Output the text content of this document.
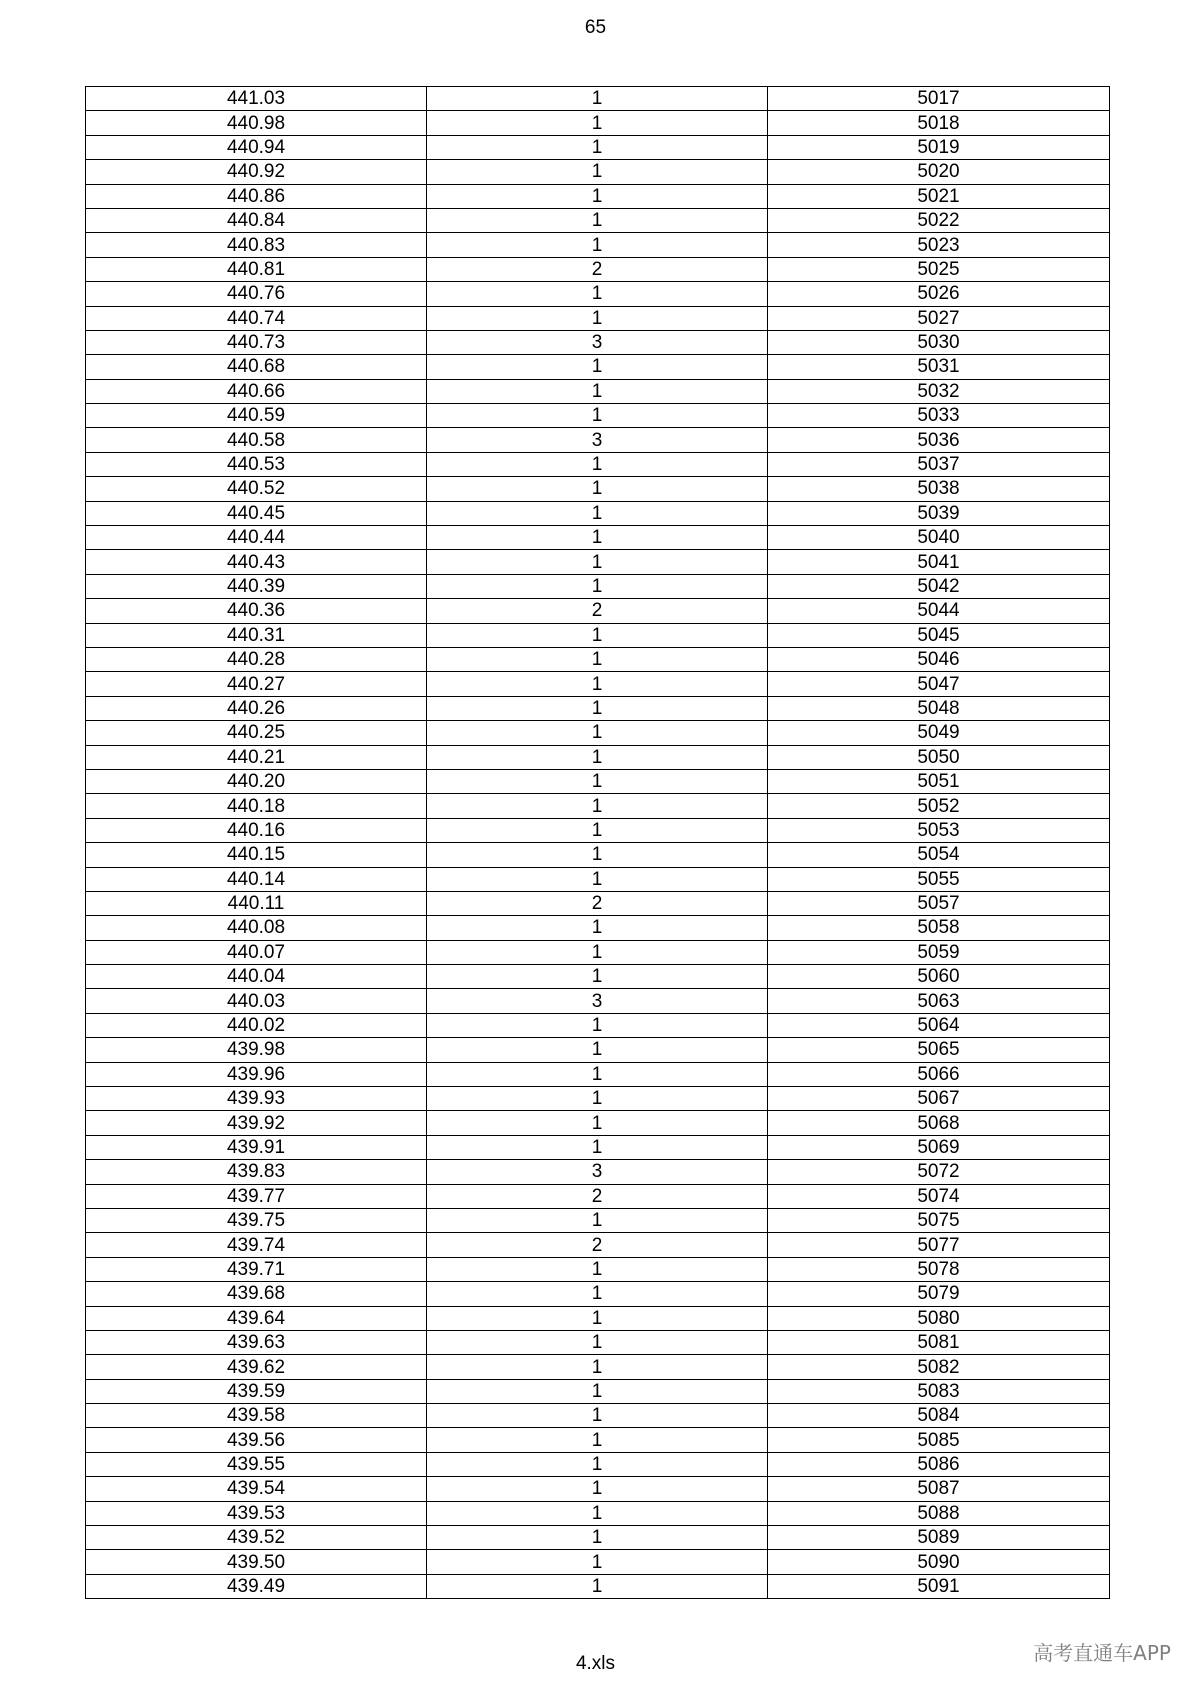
65
441.03	1	5017
440.98	1	5018
440.94	1	5019
440.92	1	5020
440.86	1	5021
440.84	1	5022
440.83	1	5023
440.81	2	5025
440.76	1	5026
440.74	1	5027
440.73	3	5030
440.68	1	5031
440.66	1	5032
440.59	1	5033
440.58	3	5036
440.53	1	5037
440.52	1	5038
440.45	1	5039
440.44	1	5040
440.43	1	5041
440.39	1	5042
440.36	2	5044
440.31	1	5045
440.28	1	5046
440.27	1	5047
440.26	1	5048
440.25	1	5049
440.21	1	5050
440.20	1	5051
440.18	1	5052
440.16	1	5053
440.15	1	5054
440.14	1	5055
440.11	2	5057
440.08	1	5058
440.07	1	5059
440.04	1	5060
440.03	3	5063
440.02	1	5064
439.98	1	5065
439.96	1	5066
439.93	1	5067
439.92	1	5068
439.91	1	5069
439.83	3	5072
439.77	2	5074
439.75	1	5075
439.74	2	5077
439.71	1	5078
439.68	1	5079
439.64	1	5080
439.63	1	5081
439.62	1	5082
439.59	1	5083
439.58	1	5084
439.56	1	5085
439.55	1	5086
439.54	1	5087
439.53	1	5088
439.52	1	5089
439.50	1	5090
439.49	1	5091
4.xls	高考直通车APP
